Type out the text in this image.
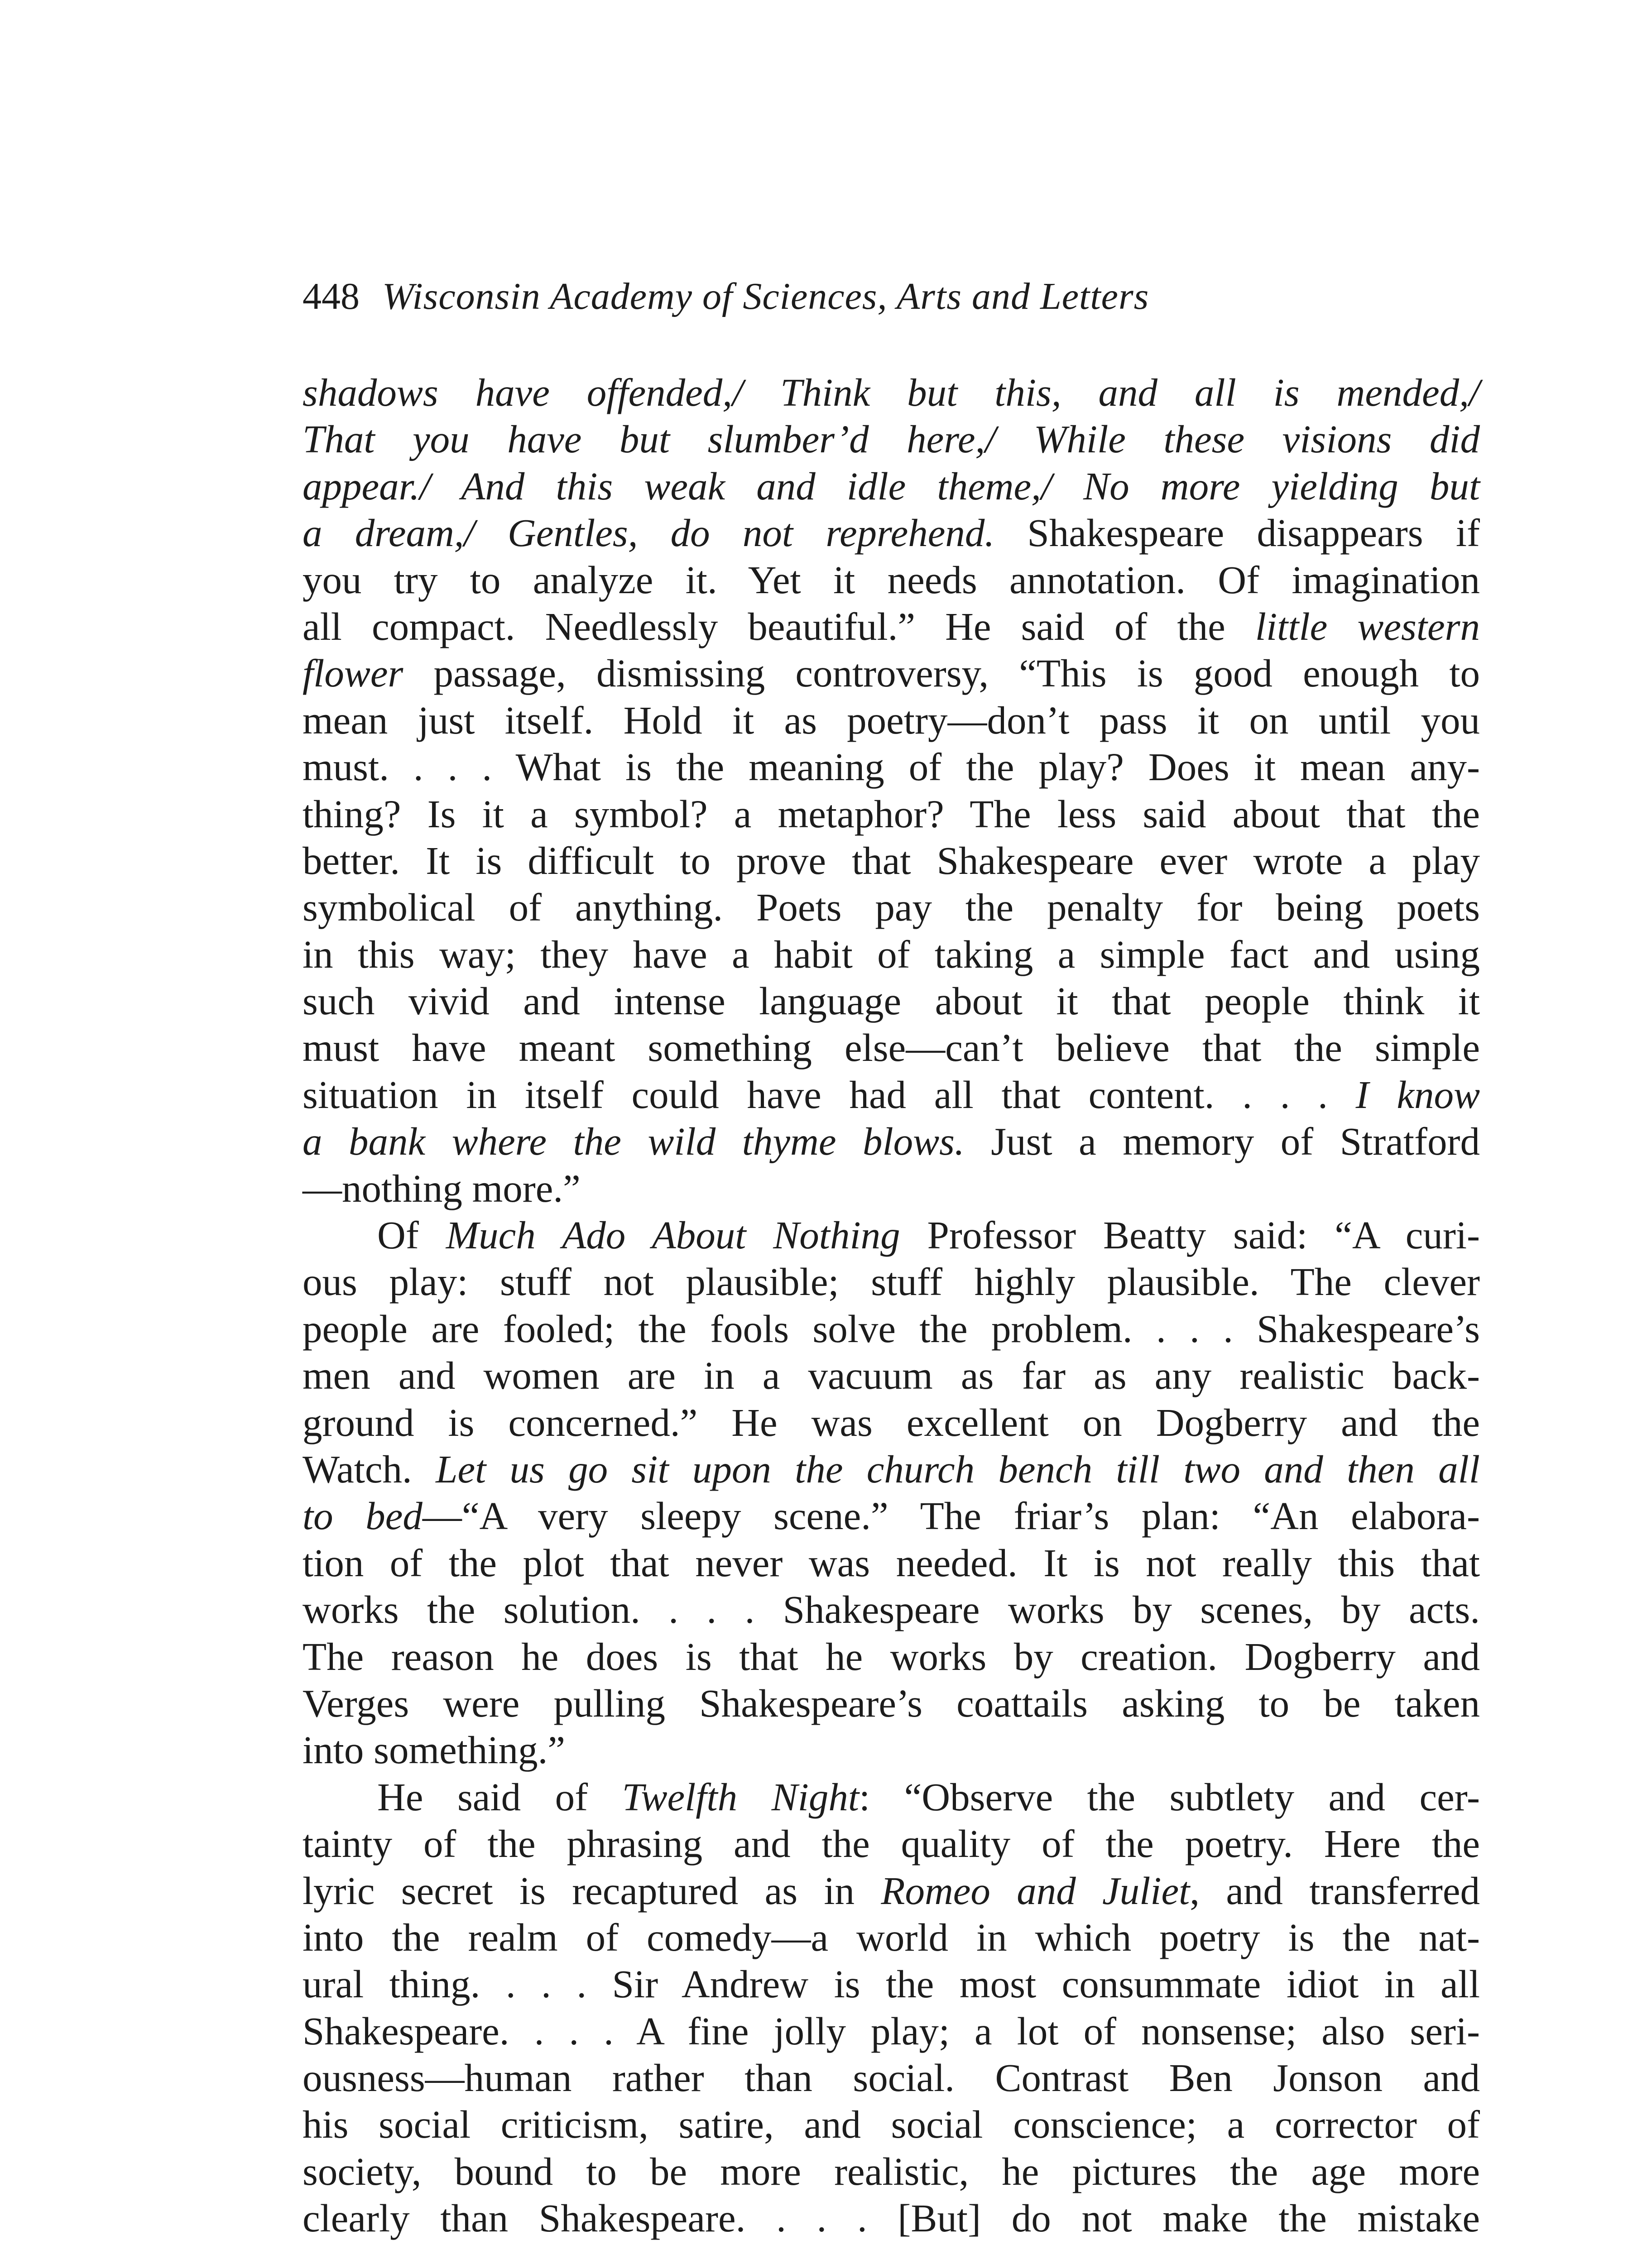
448 Wisconsin Academy of Sciences, Arts and Letters
shadows have offended,/ Think but this, and all is mended,/
That you have but slumber’d here,/ While these visions did
appear./ And this weak and idle theme,/ No more yielding but
a dream,/ Gentles, do not reprehend. Shakespeare disappears if
you try to analyze it. Yet it needs annotation. Of imagination
all compact. Needlessly beautiful.” He said of the little western
flower passage, dismissing controversy, “This is good enough to
mean just itself. Hold it as poetry—don’t pass it on until you
must. . . . What is the meaning of the play? Does it mean any-
thing? Is it a symbol? a metaphor? The less said about that the
better. It is difficult to prove that Shakespeare ever wrote a play
symbolical of anything. Poets pay the penalty for being poets
in this way; they have a habit of taking a simple fact and using
such vivid and intense language about it that people think it
must have meant something else—can’t believe that the simple
situation in itself could have had all that content. . . . I know
a bank where the wild thyme blows. Just a memory of Stratford
—nothing more.”
Of Much Ado About Nothing Professor Beatty said: “A curi-
ous play: stuff not plausible; stuff highly plausible. The clever
people are fooled; the fools solve the problem. . . . Shakespeare’s
men and women are in a vacuum as far as any realistic back-
ground is concerned.” He was excellent on Dogberry and the
Watch. Let us go sit upon the church bench till two and then all
to bed—“A very sleepy scene.” The friar’s plan: “An elabora-
tion of the plot that never was needed. It is not really this that
works the solution. . . . Shakespeare works by scenes, by acts.
The reason he does is that he works by creation. Dogberry and
Verges were pulling Shakespeare’s coattails asking to be taken
into something.”
He said of Twelfth Night: “Observe the subtlety and cer-
tainty of the phrasing and the quality of the poetry. Here the
lyric secret is recaptured as in Romeo and Juliet, and transferred
into the realm of comedy—a world in which poetry is the nat-
ural thing. . . . Sir Andrew is the most consummate idiot in all
Shakespeare. . . . A fine jolly play; a lot of nonsense; also seri-
ousness—human rather than social. Contrast Ben Jonson and
his social criticism, satire, and social conscience; a corrector of
society, bound to be more realistic, he pictures the age more
clearly than Shakespeare. . . . [But] do not make the mistake
